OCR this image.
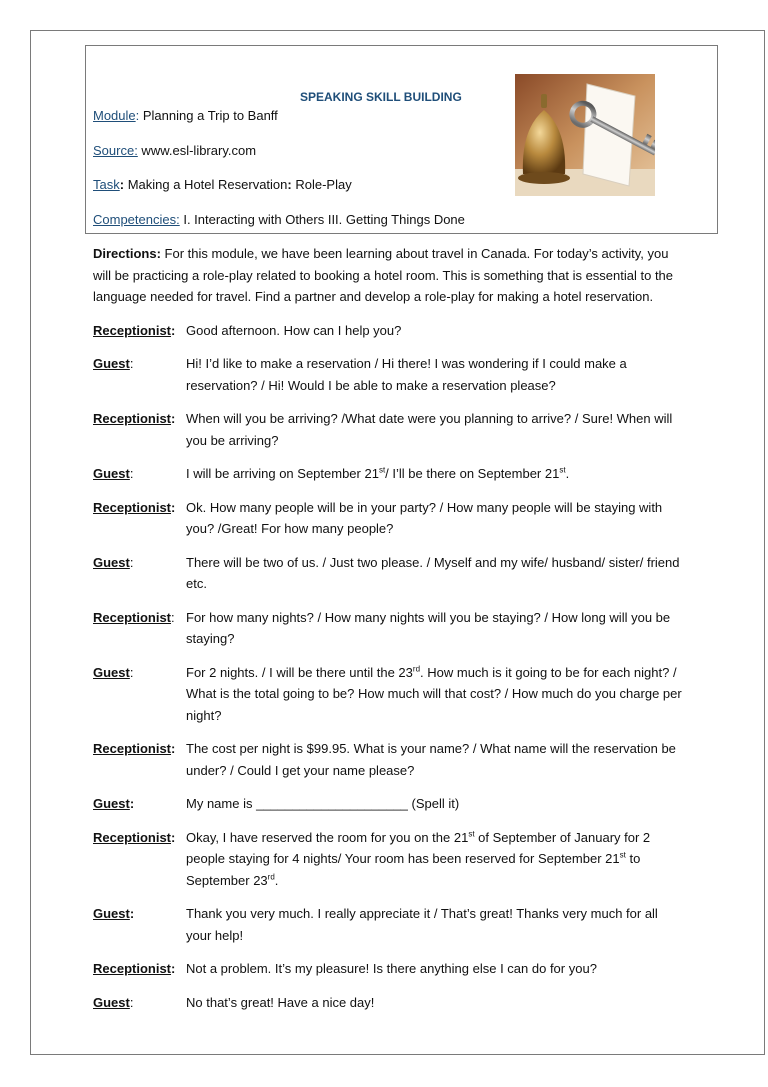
SPEAKING SKILL BUILDING
Module: Planning a Trip to Banff
Source: www.esl-library.com
Task: Making a Hotel Reservation: Role-Play
Competencies: I. Interacting with Others III. Getting Things Done

Directions: For this module, we have been learning about travel in Canada. For today’s activity, you will be practicing a role-play related to booking a hotel room. This is something that is essential to the language needed for travel. Find a partner and develop a role-play for making a hotel reservation.

Receptionist: Good afternoon. How can I help you?
Guest:	Hi! I’d like to make a reservation / Hi there! I was wondering if I could make a reservation? / Hi! Would I be able to make a reservation please?
Receptionist: When will you be arriving? /What date were you planning to arrive? / Sure! When will you be arriving?
Guest:	I will be arriving on September 21st/ I’ll be there on September 21st.
Receptionist: Ok. How many people will be in your party? / How many people will be staying with you? /Great! For how many people?
Guest:	There will be two of us. / Just two please. / Myself and my wife/ husband/ sister/ friend etc.
Receptionist: For how many nights? / How many nights will you be staying? / How long will you be staying?
Guest:	For 2 nights. / I will be there until the 23rd. How much is it going to be for each night? / What is the total going to be? How much will that cost? / How much do you charge per night?
Receptionist: The cost per night is $99.95. What is your name? / What name will the reservation be under? / Could I get your name please?
Guest:	My name is _____________________ (Spell it)
Receptionist: Okay, I have reserved the room for you on the 21st of September of January for 2 people staying for 4 nights/ Your room has been reserved for September 21st to September 23rd.
Guest:	Thank you very much. I really appreciate it / That’s great! Thanks very much for all your help!
Receptionist: Not a problem. It’s my pleasure! Is there anything else I can do for you?
Guest:	No that’s great! Have a nice day!
